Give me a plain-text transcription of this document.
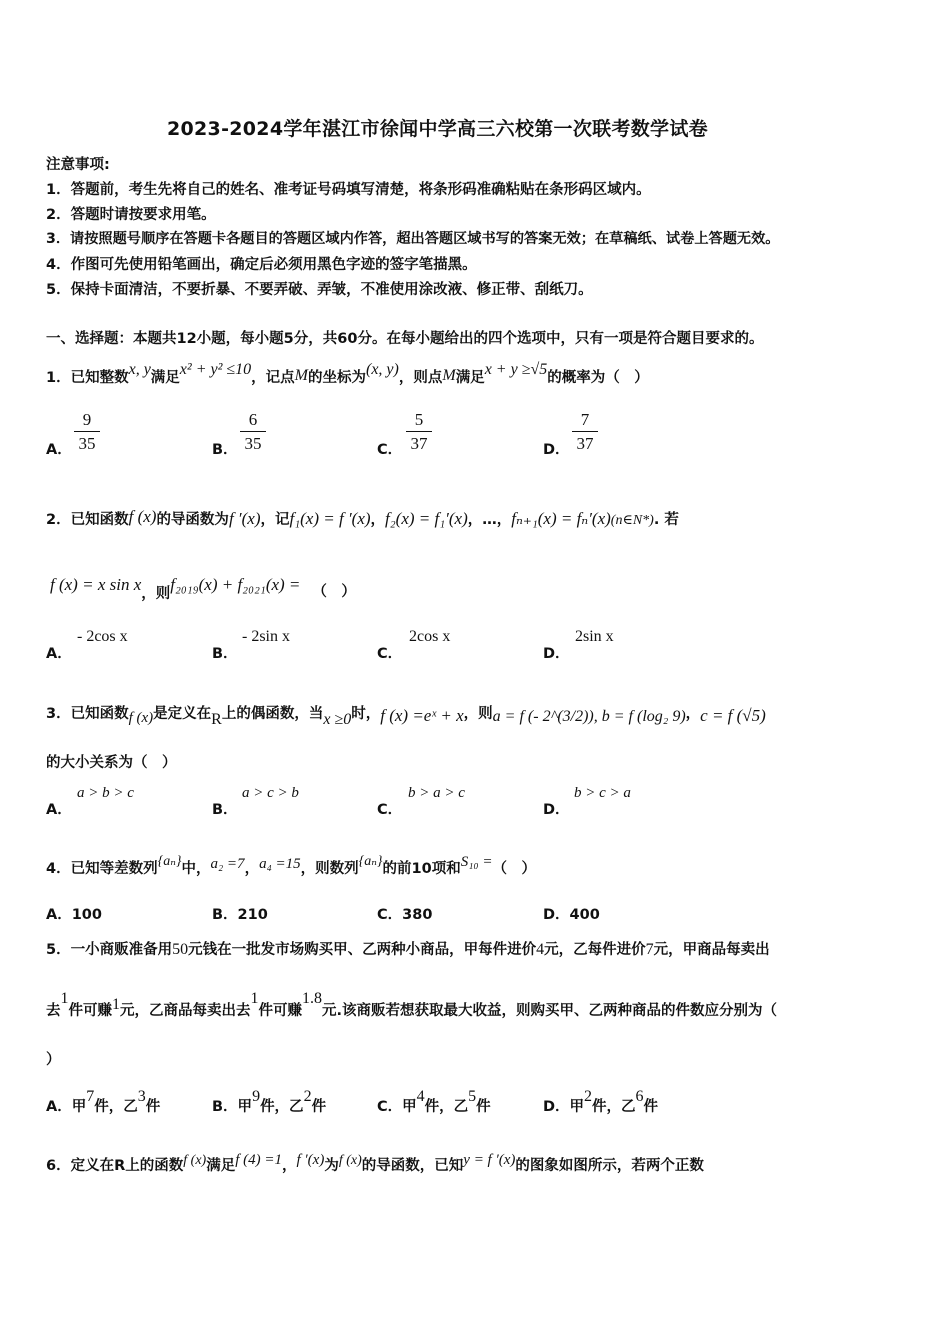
2023-2024学年湛江市徐闻中学高三六校第一次联考数学试卷
注意事项:
1．答题前，考生先将自己的姓名、准考证号码填写清楚，将条形码准确粘贴在条形码区域内。
2．答题时请按要求用笔。
3．请按照题号顺序在答题卡各题目的答题区域内作答，超出答题区域书写的答案无效；在草稿纸、试卷上答题无效。
4．作图可先使用铅笔画出，确定后必须用黑色字迹的签字笔描黑。
5．保持卡面清洁，不要折暴、不要弄破、弄皱，不准使用涂改液、修正带、刮纸刀。
一、选择题：本题共12小题，每小题5分，共60分。在每小题给出的四个选项中，只有一项是符合题目要求的。
1．已知整数x, y满足x² + y² ≤10，记点M的坐标为(x, y)，则点M满足x + y ≥√5的概率为（　）
A．
9
35	B．
6
35	C．
5
37	D．
7
37
2．已知函数f (x)的导函数为f ′(x)，记f₁(x) = f ′(x)，f₂(x) = f₁′(x)，…，fₙ₊₁(x) = fₙ′(x)(n∈N*). 若
f (x) = x sin x，则f₂₀₁₉(x) + f₂₀₂₁(x) = （　）
A．
- 2cos x
B．
- 2sin x
C．
2cos x
D．
2sin x
3．已知函数f (x)是定义在R上的偶函数，当x ≥0时，f (x) =eˣ + x，则a = f (- 2^(3/2)), b = f (log₂ 9)，c = f (√5)
的大小关系为（　）
A．
a > b > c
B．
a > c > b
C．
b > a > c
D．
b > c > a
4．已知等差数列{aₙ}中，a₂ =7，a₄ =15，则数列{aₙ}的前10项和S₁₀ =（　）
A．100	B．210	C．380	D．400
5．一小商贩准备用50元钱在一批发市场购买甲、乙两种小商品，甲每件进价4元，乙每件进价7元，甲商品每卖出
去1件可赚1元，乙商品每卖出去1件可赚1.8元.该商贩若想获取最大收益，则购买甲、乙两种商品的件数应分别为（
）
A．甲7件，乙3件	B．甲9件，乙2件	C．甲4件，乙5件	D．甲2件，乙6件
6．定义在R上的函数f (x)满足f (4) =1，f ′(x)为f (x)的导函数，已知y = f ′(x)的图象如图所示，若两个正数
